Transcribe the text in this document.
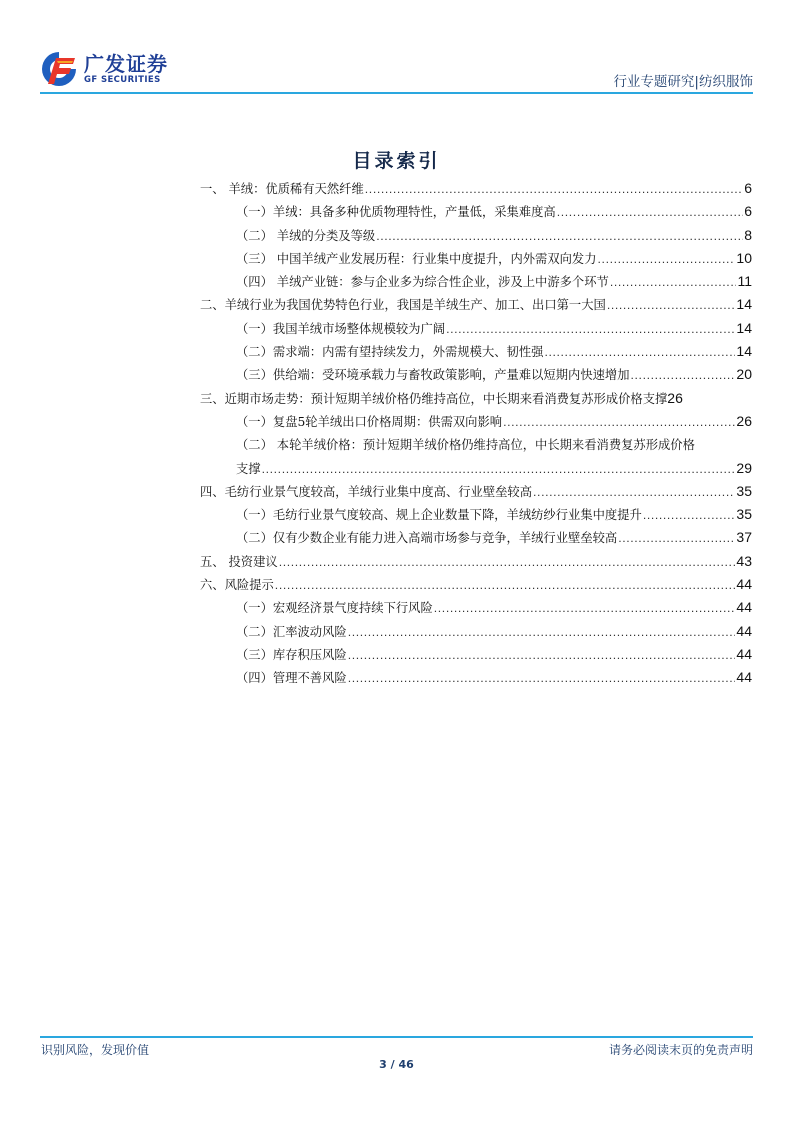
广发证券
GF SECURITIES	行业专题研究|纺织服饰
目录索引
一、 羊绒：优质稀有天然纤维 .....	6
（一）羊绒：具备多种优质物理特性，产量低，采集难度高 .....	6
（二） 羊绒的分类及等级 .....	8
（三） 中国羊绒产业发展历程：行业集中度提升，内外需双向发力 .....	10
（四） 羊绒产业链：参与企业多为综合性企业，涉及上中游多个环节 .....	11
二、羊绒行业为我国优势特色行业，我国是羊绒生产、加工、出口第一大国 .....	14
（一）我国羊绒市场整体规模较为广阔 .....	14
（二）需求端：内需有望持续发力，外需规模大、韧性强 .....	14
（三）供给端：受环境承载力与畜牧政策影响，产量难以短期内快速增加 .....	20
三、近期市场走势：预计短期羊绒价格仍维持高位，中长期来看消费复苏形成价格支撑 26
（一）复盘5轮羊绒出口价格周期：供需双向影响 .....	26
（二） 本轮羊绒价格：预计短期羊绒价格仍维持高位，中长期来看消费复苏形成价格
支撑 .....	29
四、毛纺行业景气度较高，羊绒行业集中度高、行业壁垒较高 .....	35
（一）毛纺行业景气度较高、规上企业数量下降，羊绒纺纱行业集中度提升 .....	35
（二）仅有少数企业有能力进入高端市场参与竞争，羊绒行业壁垒较高 .....	37
五、 投资建议 .....	43
六、风险提示 .....	44
（一）宏观经济景气度持续下行风险 .....	44
（二）汇率波动风险 .....	44
（三）库存积压风险 .....	44
（四）管理不善风险 .....	44
识别风险，发现价值	请务必阅读末页的免责声明
3 / 46
